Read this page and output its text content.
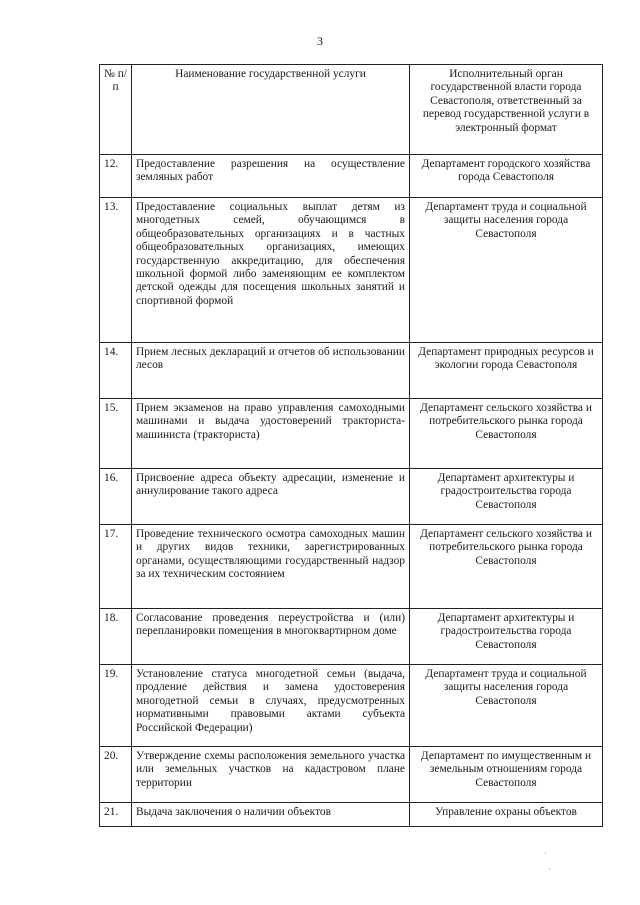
3
№ п/п	Наименование государственной услуги	Исполнительный орган государственной власти города Севастополя, ответственный за перевод государственной услуги в электронный формат
12.	Предоставление разрешения на осуществление земляных работ	Департамент городского хозяйства города Севастополя
13.	Предоставление социальных выплат детям из многодетных семей, обучающимся в общеобразовательных организациях и в частных общеобразовательных организациях, имеющих государственную аккредитацию, для обеспечения школьной формой либо заменяющим ее комплектом детской одежды для посещения школьных занятий и спортивной формой	Департамент труда и социальной защиты населения города Севастополя
14.	Прием лесных деклараций и отчетов об использовании лесов	Департамент природных ресурсов и экологии города Севастополя
15.	Прием экзаменов на право управления самоходными машинами и выдача удостоверений тракториста-машиниста (тракториста)	Департамент сельского хозяйства и потребительского рынка города Севастополя
16.	Присвоение адреса объекту адресации, изменение и аннулирование такого адреса	Департамент архитектуры и градостроительства города Севастополя
17.	Проведение технического осмотра самоходных машин и других видов техники, зарегистрированных органами, осуществляющими государственный надзор за их техническим состоянием	Департамент сельского хозяйства и потребительского рынка города Севастополя
18.	Согласование проведения переустройства и (или) перепланировки помещения в многоквартирном доме	Департамент архитектуры и градостроительства города Севастополя
19.	Установление статуса многодетной семьи (выдача, продление действия и замена удостоверения многодетной семьи в случаях, предусмотренных нормативными правовыми актами субъекта Российской Федерации)	Департамент труда и социальной защиты населения города Севастополя
20.	Утверждение схемы расположения земельного участка или земельных участков на кадастровом плане территории	Департамент по имущественным и земельным отношениям города Севастополя
21.	Выдача заключения о наличии объектов	Управление охраны объектов
·
·
